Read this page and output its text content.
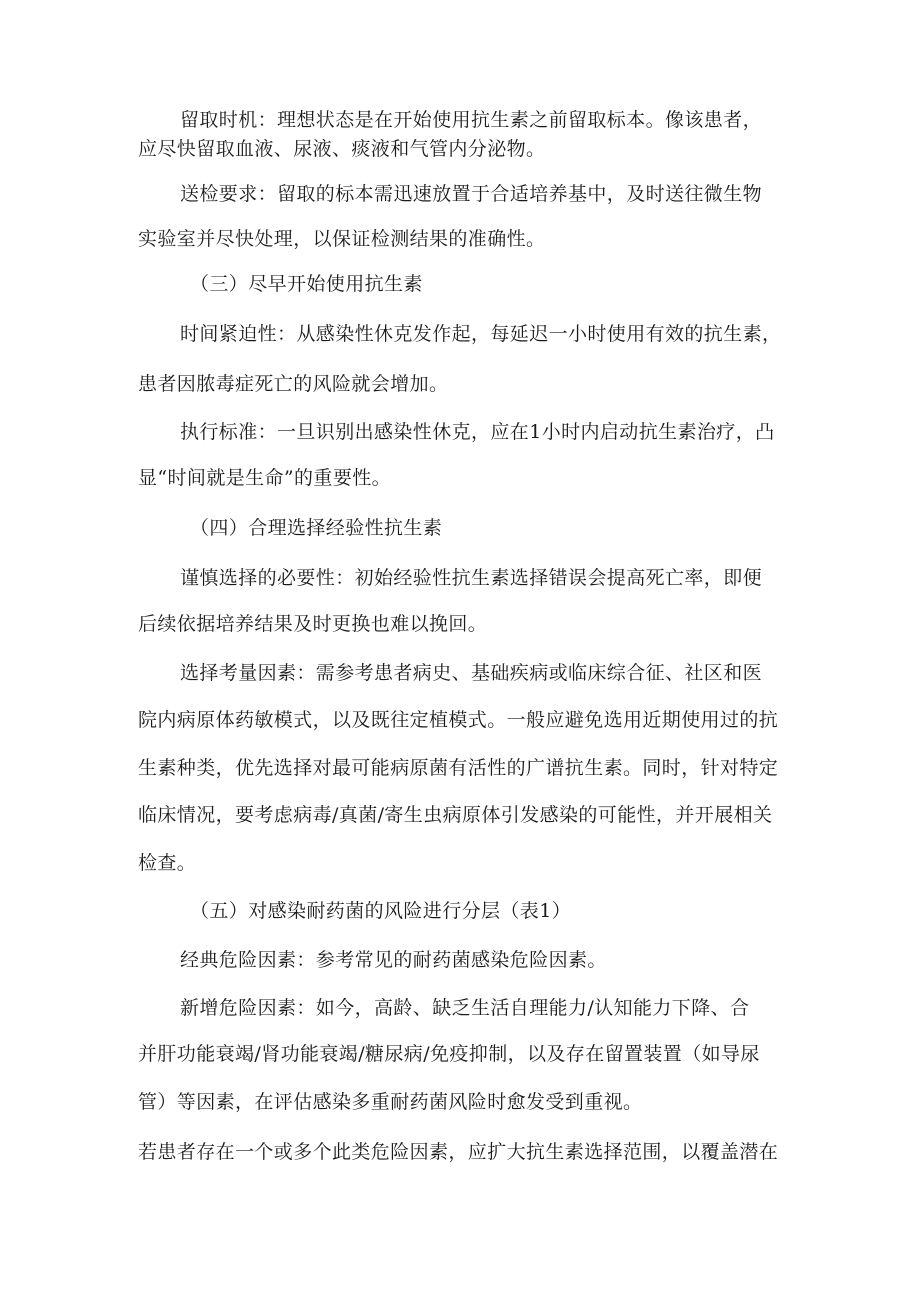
留取时机：理想状态是在开始使用抗生素之前留取标本。像该患者，
应尽快留取血液、尿液、痰液和气管内分泌物。
送检要求：留取的标本需迅速放置于合适培养基中，及时送往微生物
实验室并尽快处理，以保证检测结果的准确性。
（三）尽早开始使用抗生素
时间紧迫性：从感染性休克发作起，每延迟一小时使用有效的抗生素，
患者因脓毒症死亡的风险就会增加。
执行标准：一旦识别出感染性休克，应在1小时内启动抗生素治疗，凸
显“时间就是生命”的重要性。
（四）合理选择经验性抗生素
谨慎选择的必要性：初始经验性抗生素选择错误会提高死亡率，即便
后续依据培养结果及时更换也难以挽回。
选择考量因素：需参考患者病史、基础疾病或临床综合征、社区和医
院内病原体药敏模式，以及既往定植模式。一般应避免选用近期使用过的抗
生素种类，优先选择对最可能病原菌有活性的广谱抗生素。同时，针对特定
临床情况，要考虑病毒/真菌/寄生虫病原体引发感染的可能性，并开展相关
检查。
（五）对感染耐药菌的风险进行分层（表1）
经典危险因素：参考常见的耐药菌感染危险因素。
新增危险因素：如今，高龄、缺乏生活自理能力/认知能力下降、合
并肝功能衰竭/肾功能衰竭/糖尿病/免疫抑制，以及存在留置装置（如导尿
管）等因素，在评估感染多重耐药菌风险时愈发受到重视。
若患者存在一个或多个此类危险因素，应扩大抗生素选择范围，以覆盖潜在
